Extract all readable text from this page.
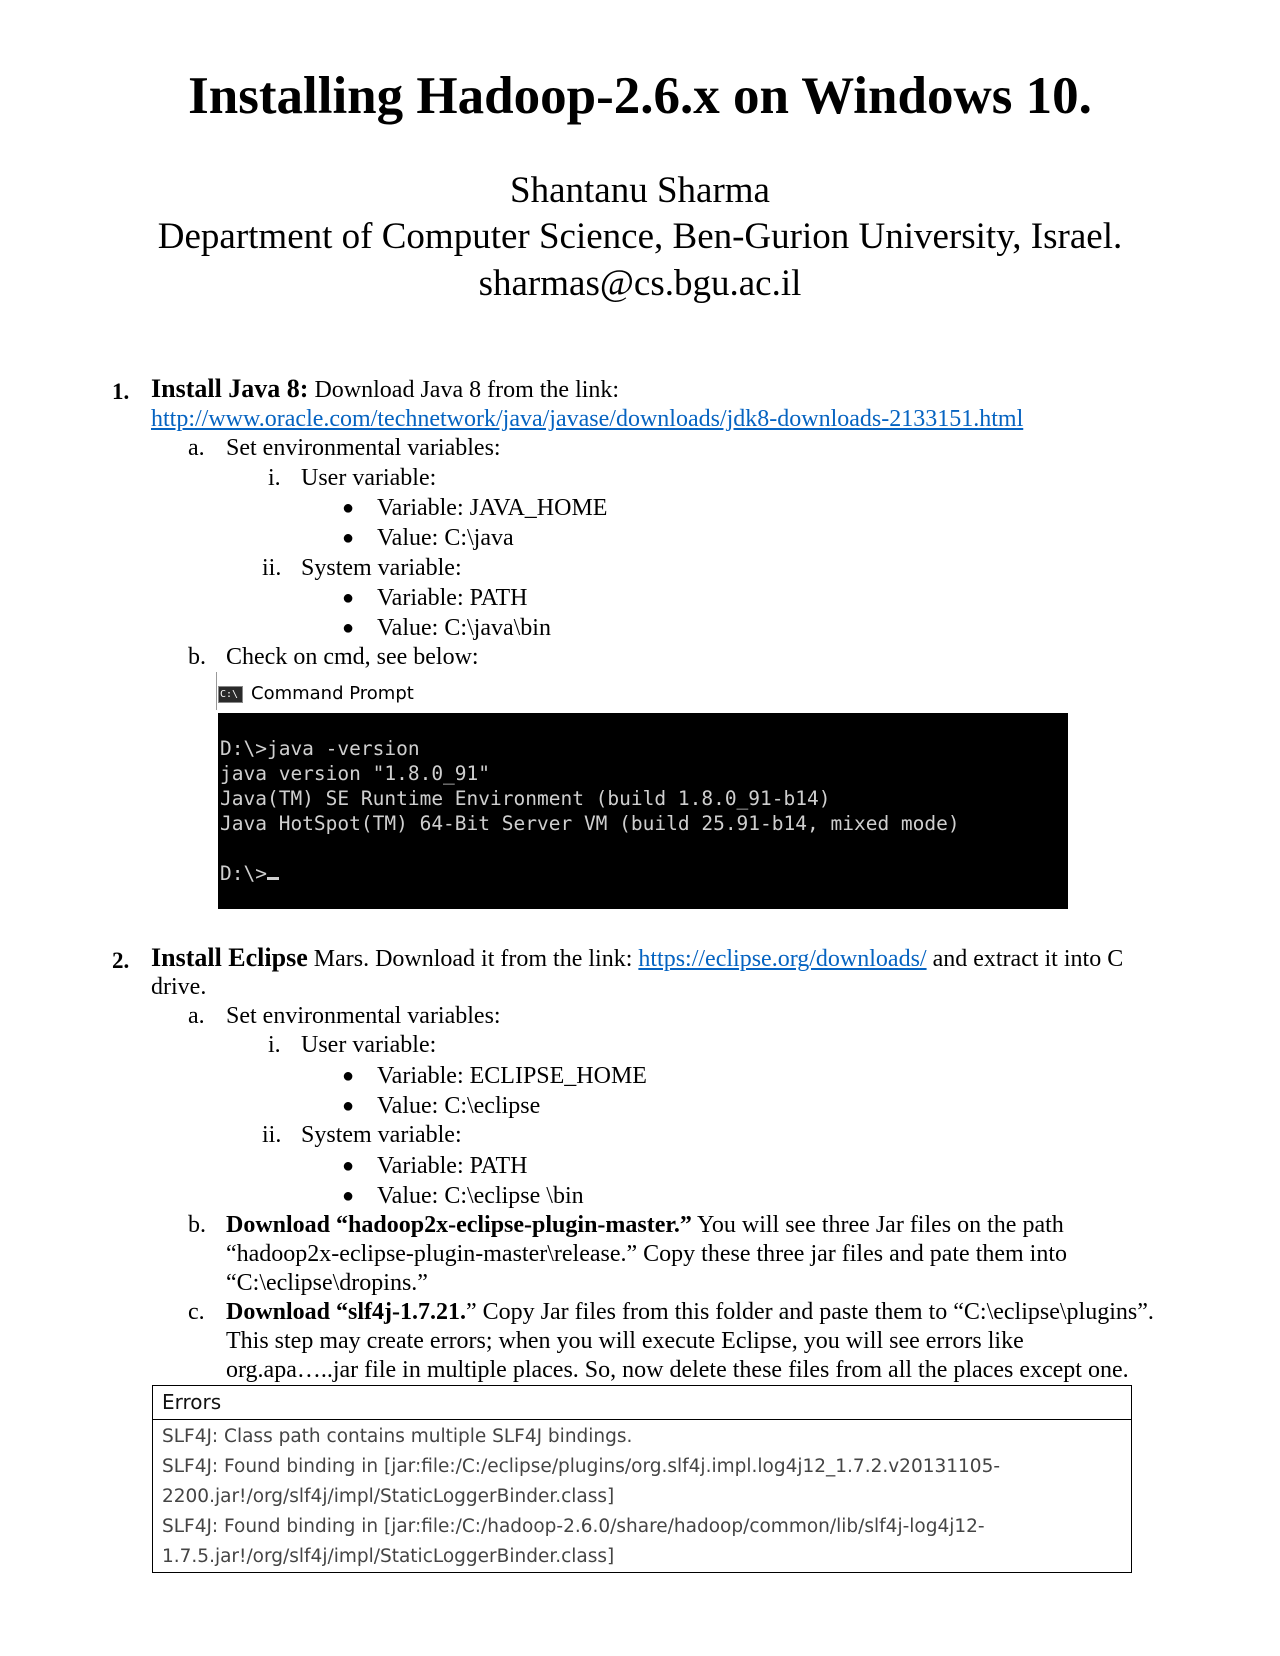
Installing Hadoop-2.6.x on Windows 10.
Shantanu Sharma
Department of Computer Science, Ben-Gurion University, Israel.
sharmas@cs.bgu.ac.il
1. Install Java 8: Download Java 8 from the link:
http://www.oracle.com/technetwork/java/javase/downloads/jdk8-downloads-2133151.html
a. Set environmental variables:
i. User variable:
● Variable: JAVA_HOME
● Value: C:\java
ii. System variable:
● Variable: PATH
● Value: C:\java\bin
b. Check on cmd, see below:
C:\ Command Prompt
D:\>java -version
java version "1.8.0_91"
Java(TM) SE Runtime Environment (build 1.8.0_91-b14)
Java HotSpot(TM) 64-Bit Server VM (build 25.91-b14, mixed mode)
D:\>
2. Install Eclipse Mars. Download it from the link: https://eclipse.org/downloads/ and extract it into C
drive.
a. Set environmental variables:
i. User variable:
● Variable: ECLIPSE_HOME
● Value: C:\eclipse
ii. System variable:
● Variable: PATH
● Value: C:\eclipse \bin
b. Download “hadoop2x-eclipse-plugin-master.” You will see three Jar files on the path
“hadoop2x-eclipse-plugin-master\release.” Copy these three jar files and pate them into
“C:\eclipse\dropins.”
c. Download “slf4j-1.7.21.” Copy Jar files from this folder and paste them to “C:\eclipse\plugins”.
This step may create errors; when you will execute Eclipse, you will see errors like
org.apa…..jar file in multiple places. So, now delete these files from all the places except one.
Errors
SLF4J: Class path contains multiple SLF4J bindings.
SLF4J: Found binding in [jar:file:/C:/eclipse/plugins/org.slf4j.impl.log4j12_1.7.2.v20131105-
2200.jar!/org/slf4j/impl/StaticLoggerBinder.class]
SLF4J: Found binding in [jar:file:/C:/hadoop-2.6.0/share/hadoop/common/lib/slf4j-log4j12-
1.7.5.jar!/org/slf4j/impl/StaticLoggerBinder.class]
